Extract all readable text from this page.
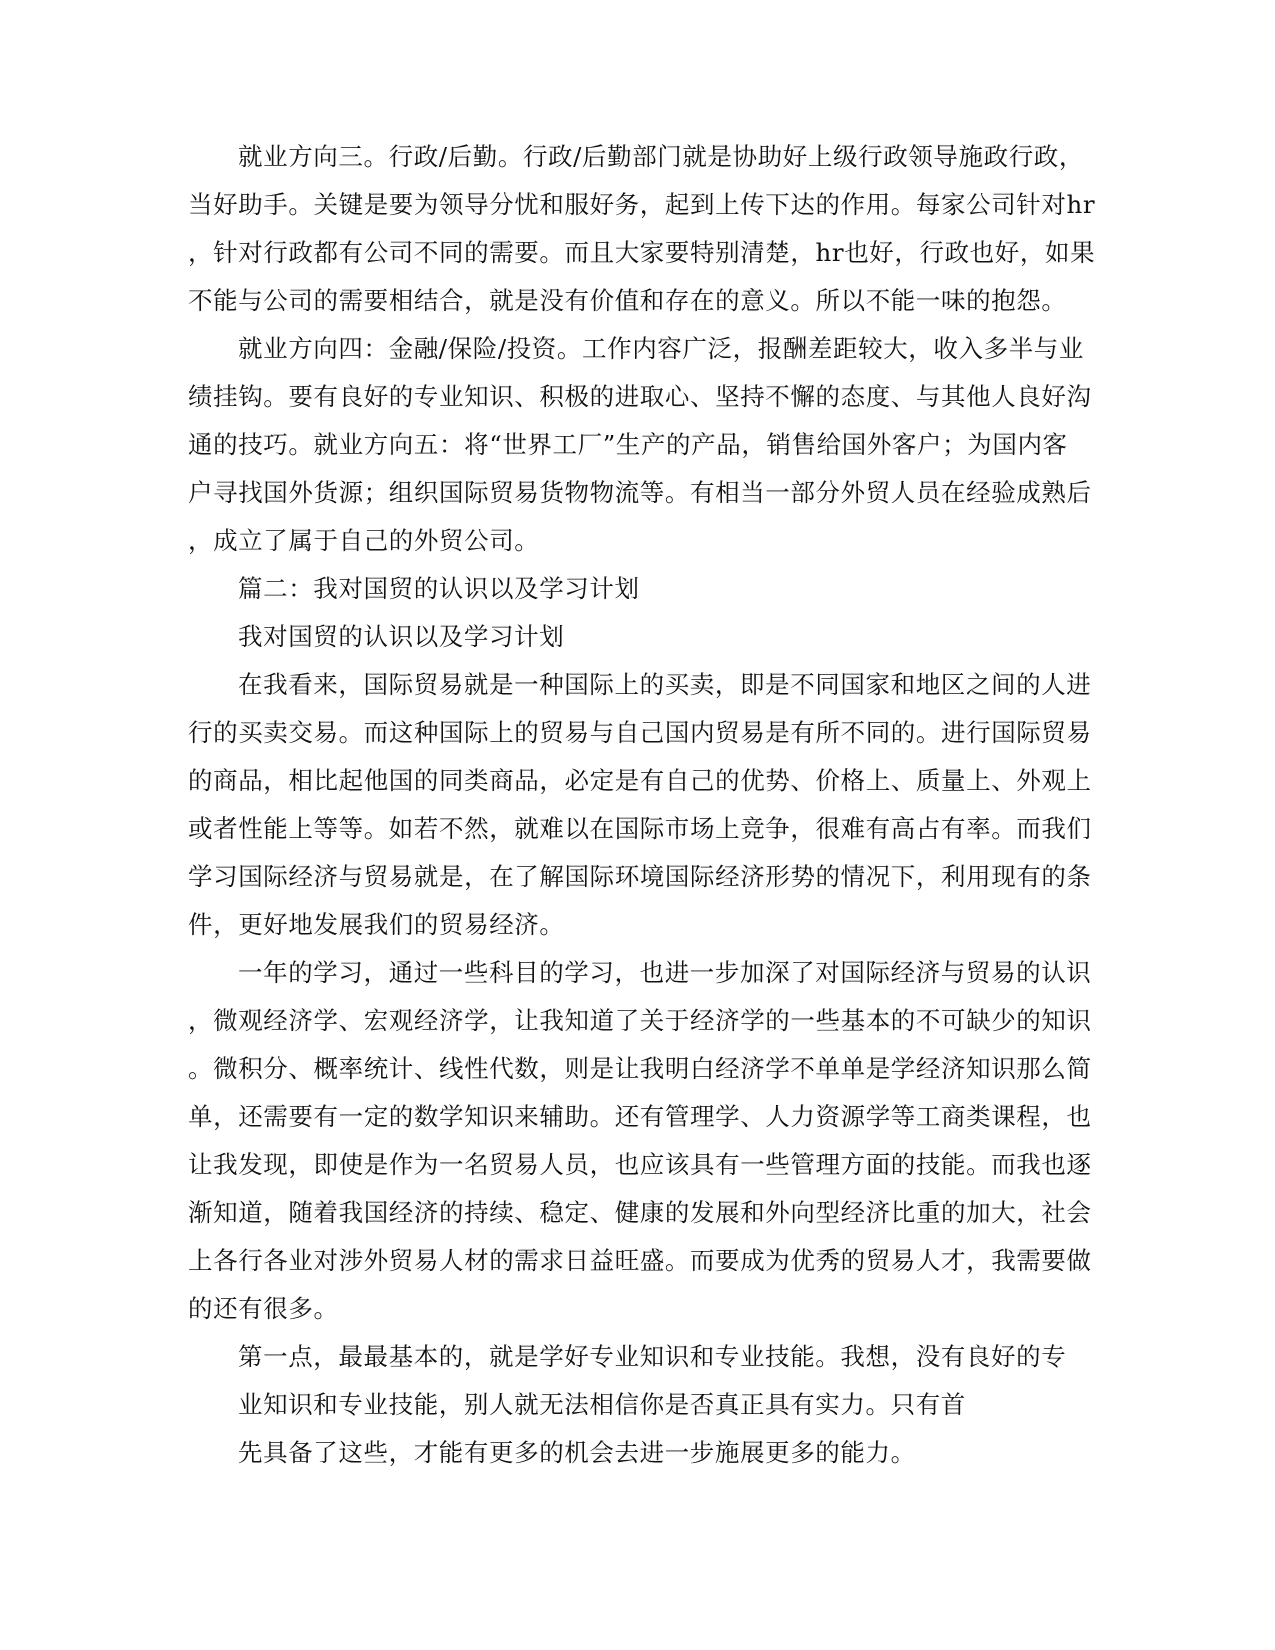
就业方向三。行政/后勤。行政/后勤部门就是协助好上级行政领导施政行政，
当好助手。关键是要为领导分忧和服好务，起到上传下达的作用。每家公司针对hr
，针对行政都有公司不同的需要。而且大家要特别清楚，hr也好，行政也好，如果
不能与公司的需要相结合，就是没有价值和存在的意义。所以不能一味的抱怨。
就业方向四：金融/保险/投资。工作内容广泛，报酬差距较大，收入多半与业
绩挂钩。要有良好的专业知识、积极的进取心、坚持不懈的态度、与其他人良好沟
通的技巧。就业方向五：将“世界工厂”生产的产品，销售给国外客户；为国内客
户寻找国外货源；组织国际贸易货物物流等。有相当一部分外贸人员在经验成熟后
，成立了属于自己的外贸公司。
篇二：我对国贸的认识以及学习计划
我对国贸的认识以及学习计划
在我看来，国际贸易就是一种国际上的买卖，即是不同国家和地区之间的人进
行的买卖交易。而这种国际上的贸易与自己国内贸易是有所不同的。进行国际贸易
的商品，相比起他国的同类商品，必定是有自己的优势、价格上、质量上、外观上
或者性能上等等。如若不然，就难以在国际市场上竞争，很难有高占有率。而我们
学习国际经济与贸易就是，在了解国际环境国际经济形势的情况下，利用现有的条
件，更好地发展我们的贸易经济。
一年的学习，通过一些科目的学习，也进一步加深了对国际经济与贸易的认识
，微观经济学、宏观经济学，让我知道了关于经济学的一些基本的不可缺少的知识
。微积分、概率统计、线性代数，则是让我明白经济学不单单是学经济知识那么简
单，还需要有一定的数学知识来辅助。还有管理学、人力资源学等工商类课程，也
让我发现，即使是作为一名贸易人员，也应该具有一些管理方面的技能。而我也逐
渐知道，随着我国经济的持续、稳定、健康的发展和外向型经济比重的加大，社会
上各行各业对涉外贸易人材的需求日益旺盛。而要成为优秀的贸易人才，我需要做
的还有很多。
第一点，最最基本的，就是学好专业知识和专业技能。我想，没有良好的专
业知识和专业技能，别人就无法相信你是否真正具有实力。只有首
先具备了这些，才能有更多的机会去进一步施展更多的能力。
